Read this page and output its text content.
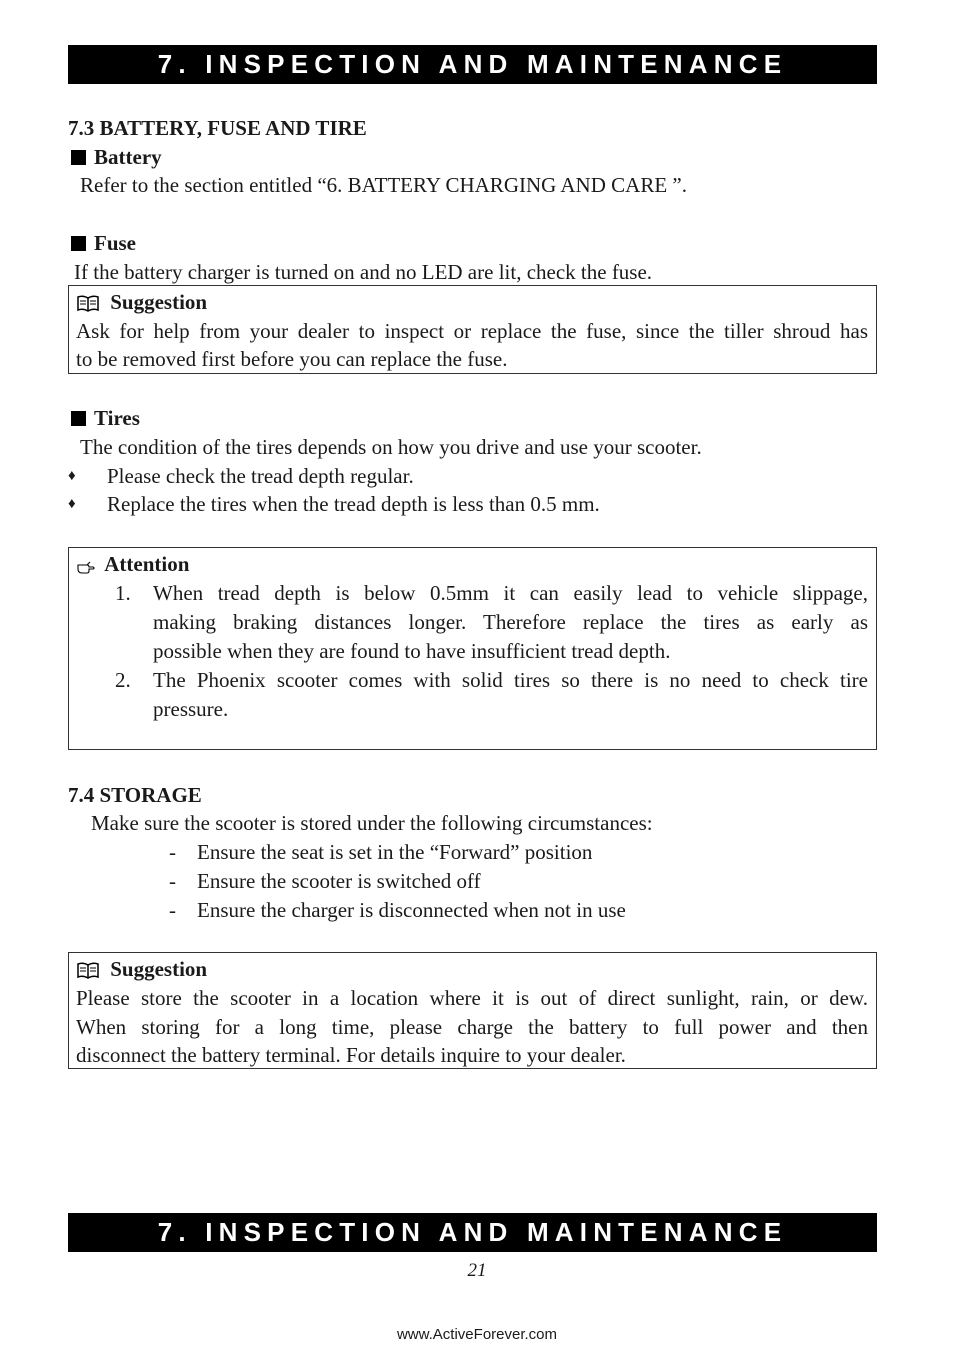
7. INSPECTION AND MAINTENANCE
7.3 BATTERY, FUSE AND TIRE
Battery
Refer to the section entitled “6. BATTERY CHARGING AND CARE ”.
Fuse
If the battery charger is turned on and no LED are lit, check the fuse.
Suggestion
Ask for help from your dealer to inspect or replace the fuse, since the tiller shroud has
to be removed first before you can replace the fuse.
Tires
The condition of the tires depends on how you drive and use your scooter.
♦ Please check the tread depth regular.
♦ Replace the tires when the tread depth is less than 0.5 mm.
Attention
1. When tread depth is below 0.5mm it can easily lead to vehicle slippage,
making braking distances longer. Therefore replace the tires as early as
possible when they are found to have insufficient tread depth.
2. The Phoenix scooter comes with solid tires so there is no need to check tire
pressure.
7.4 STORAGE
Make sure the scooter is stored under the following circumstances:
- Ensure the seat is set in the “Forward” position
- Ensure the scooter is switched off
- Ensure the charger is disconnected when not in use
Suggestion
Please store the scooter in a location where it is out of direct sunlight, rain, or dew.
When storing for a long time, please charge the battery to full power and then
disconnect the battery terminal. For details inquire to your dealer.
7. INSPECTION AND MAINTENANCE
21
www.ActiveForever.com
